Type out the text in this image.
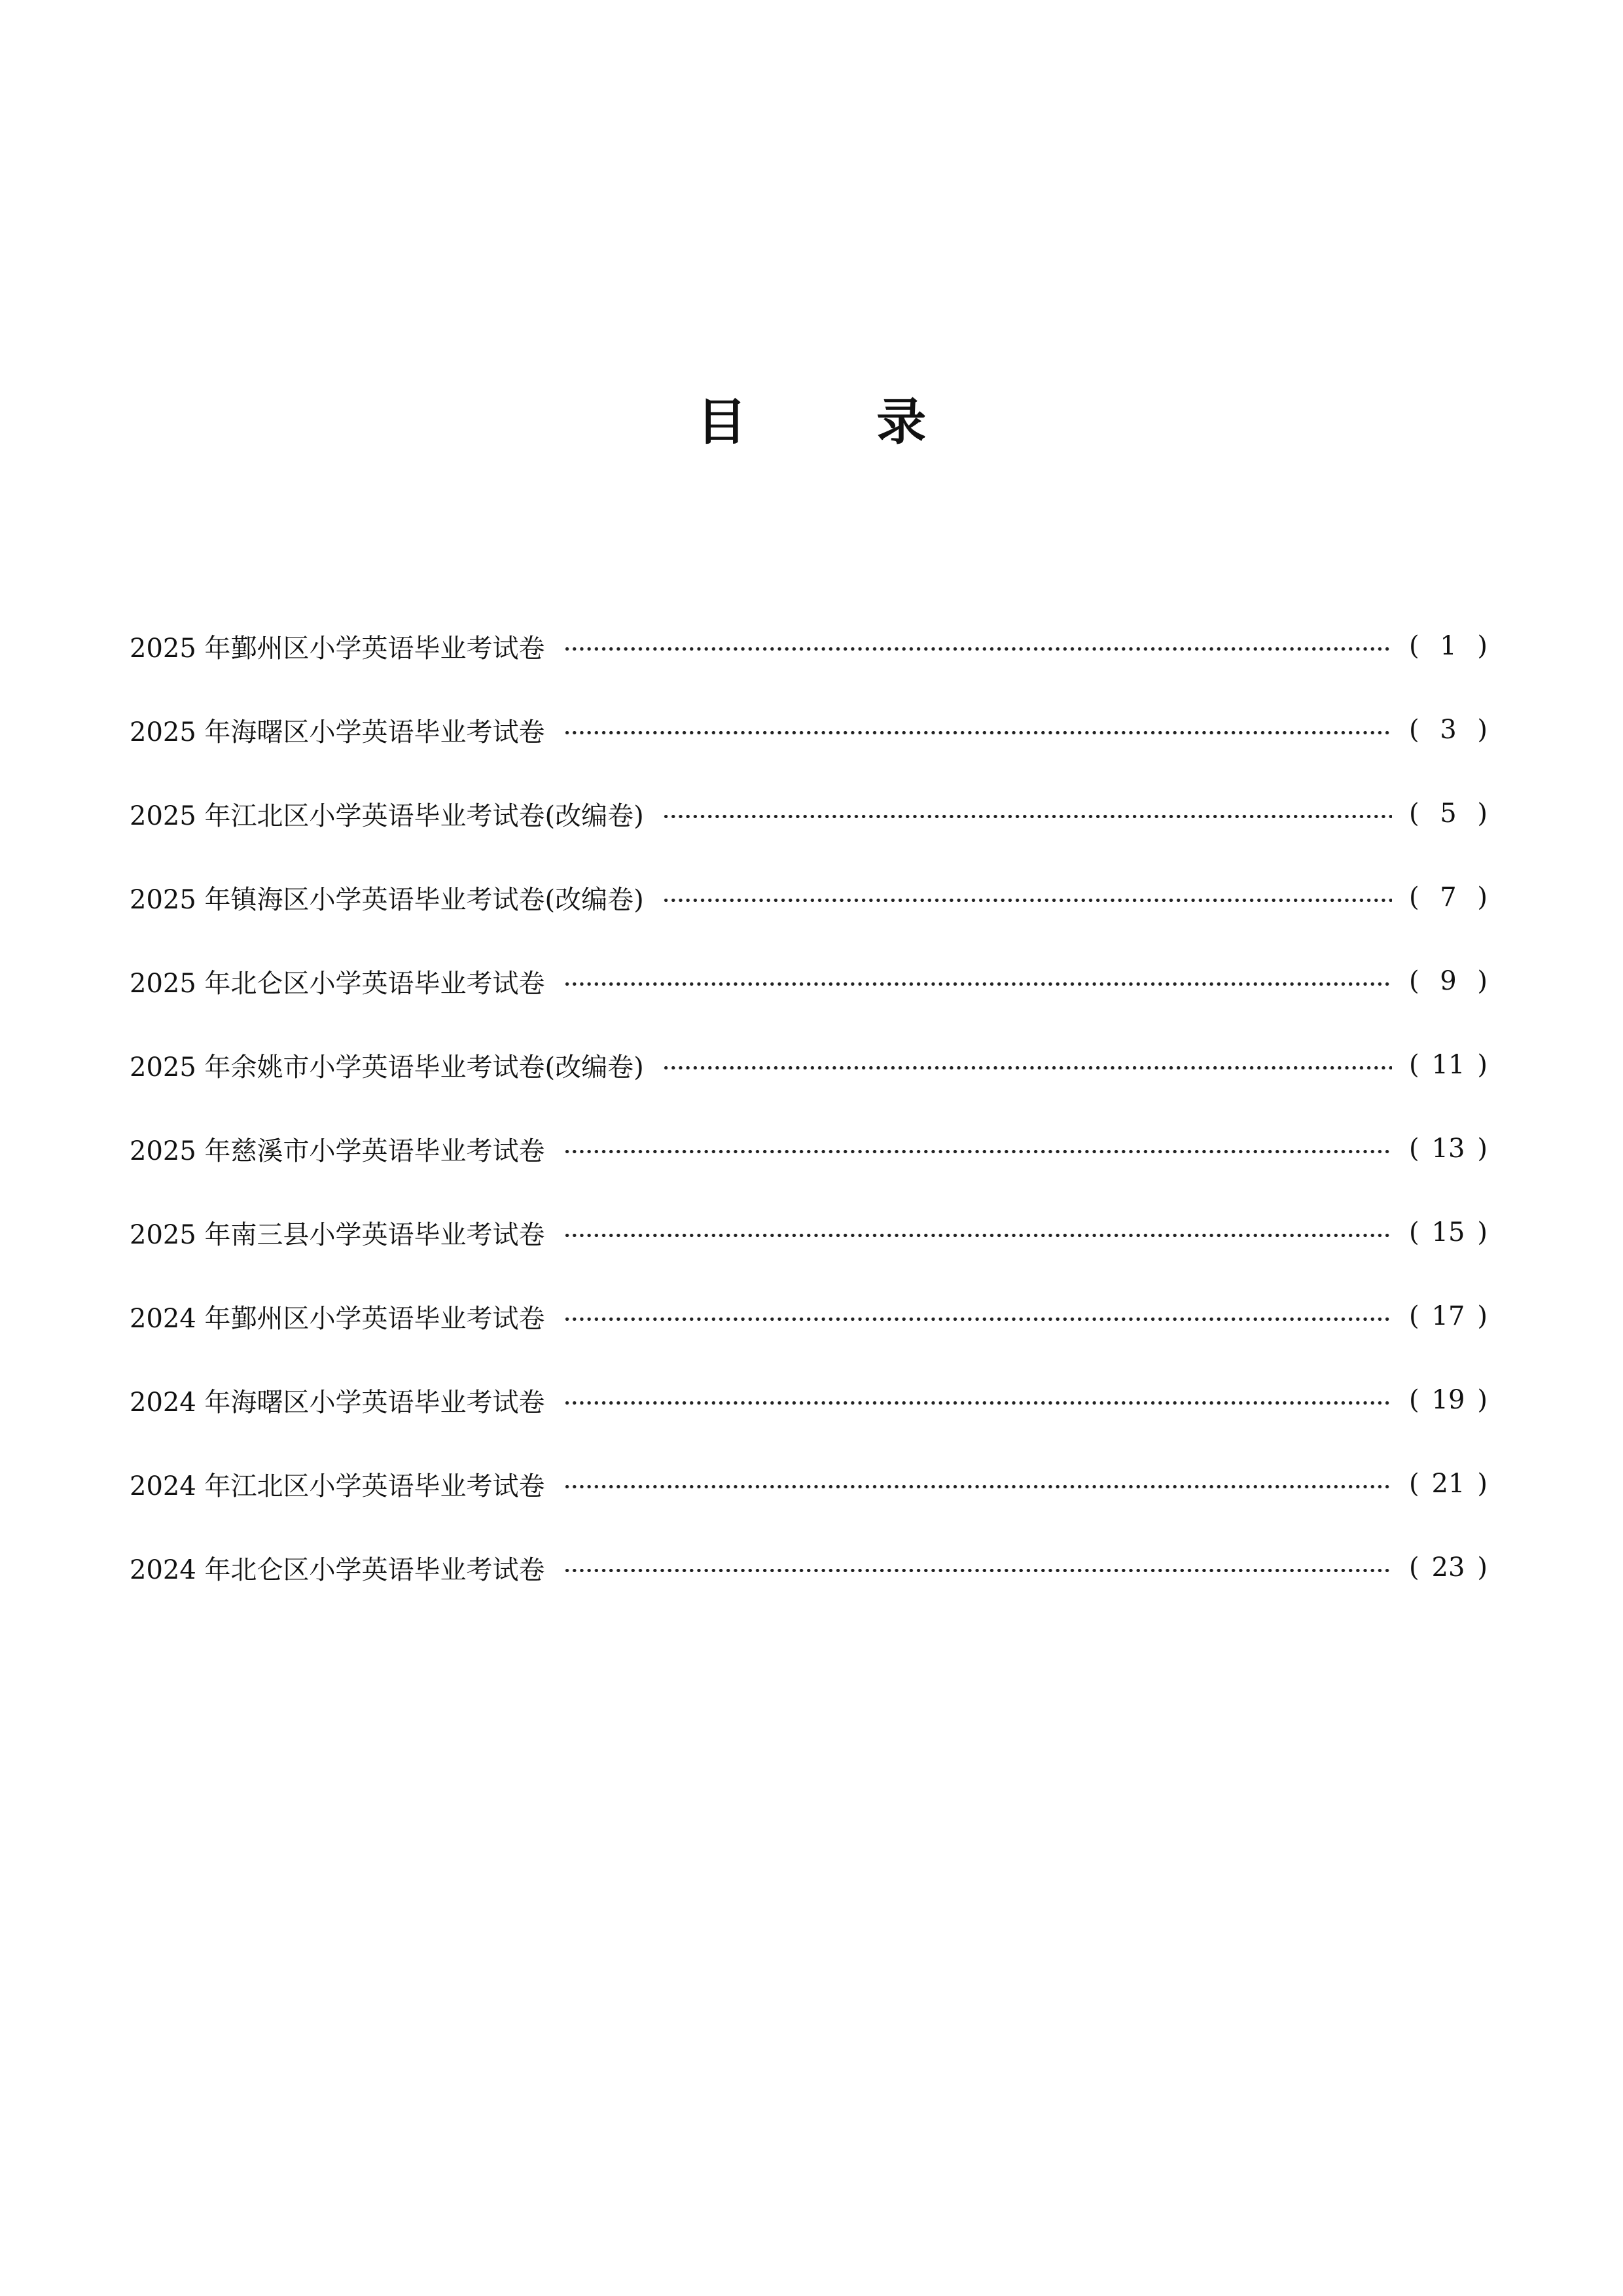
目 录
2025 年鄞州区小学英语毕业考试卷	( 1 )
2025 年海曙区小学英语毕业考试卷	( 3 )
2025 年江北区小学英语毕业考试卷(改编卷)	( 5 )
2025 年镇海区小学英语毕业考试卷(改编卷)	( 7 )
2025 年北仑区小学英语毕业考试卷	( 9 )
2025 年余姚市小学英语毕业考试卷(改编卷)	( 11 )
2025 年慈溪市小学英语毕业考试卷	( 13 )
2025 年南三县小学英语毕业考试卷	( 15 )
2024 年鄞州区小学英语毕业考试卷	( 17 )
2024 年海曙区小学英语毕业考试卷	( 19 )
2024 年江北区小学英语毕业考试卷	( 21 )
2024 年北仑区小学英语毕业考试卷	( 23 )
